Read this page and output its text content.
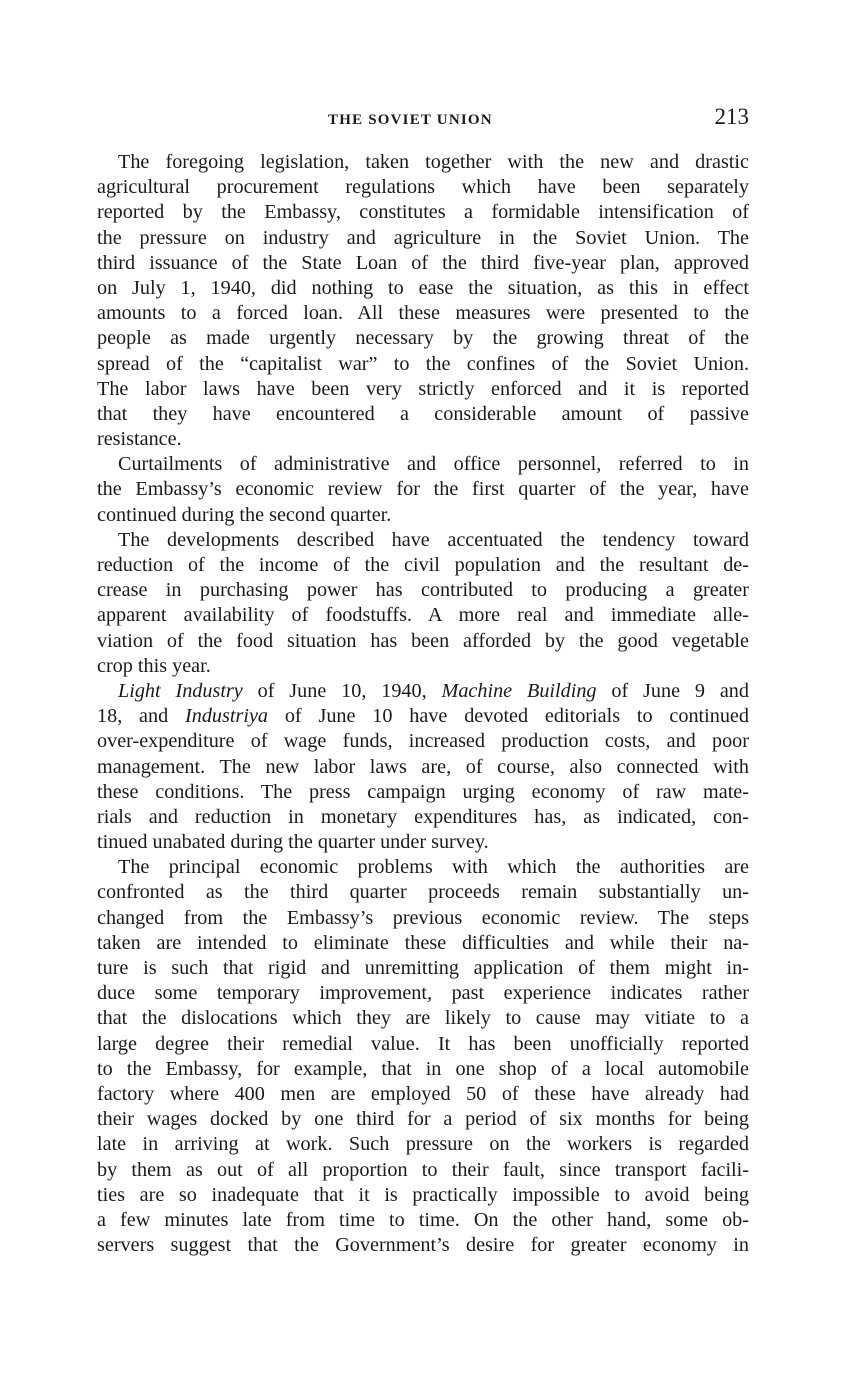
THE SOVIET UNION	213
The foregoing legislation, taken together with the new and drastic
agricultural procurement regulations which have been separately
reported by the Embassy, constitutes a formidable intensification of
the pressure on industry and agriculture in the Soviet Union. The
third issuance of the State Loan of the third five-year plan, approved
on July 1, 1940, did nothing to ease the situation, as this in effect
amounts to a forced loan. All these measures were presented to the
people as made urgently necessary by the growing threat of the
spread of the “capitalist war” to the confines of the Soviet Union.
The labor laws have been very strictly enforced and it is reported
that they have encountered a considerable amount of passive
resistance.
Curtailments of administrative and office personnel, referred to in
the Embassy’s economic review for the first quarter of the year, have
continued during the second quarter.
The developments described have accentuated the tendency toward
reduction of the income of the civil population and the resultant de-
crease in purchasing power has contributed to producing a greater
apparent availability of foodstuffs. A more real and immediate alle-
viation of the food situation has been afforded by the good vegetable
crop this year.
Light Industry of June 10, 1940, Machine Building of June 9 and
18, and Industriya of June 10 have devoted editorials to continued
over-expenditure of wage funds, increased production costs, and poor
management. The new labor laws are, of course, also connected with
these conditions. The press campaign urging economy of raw mate-
rials and reduction in monetary expenditures has, as indicated, con-
tinued unabated during the quarter under survey.
The principal economic problems with which the authorities are
confronted as the third quarter proceeds remain substantially un-
changed from the Embassy’s previous economic review. The steps
taken are intended to eliminate these difficulties and while their na-
ture is such that rigid and unremitting application of them might in-
duce some temporary improvement, past experience indicates rather
that the dislocations which they are likely to cause may vitiate to a
large degree their remedial value. It has been unofficially reported
to the Embassy, for example, that in one shop of a local automobile
factory where 400 men are employed 50 of these have already had
their wages docked by one third for a period of six months for being
late in arriving at work. Such pressure on the workers is regarded
by them as out of all proportion to their fault, since transport facili-
ties are so inadequate that it is practically impossible to avoid being
a few minutes late from time to time. On the other hand, some ob-
servers suggest that the Government’s desire for greater economy in
